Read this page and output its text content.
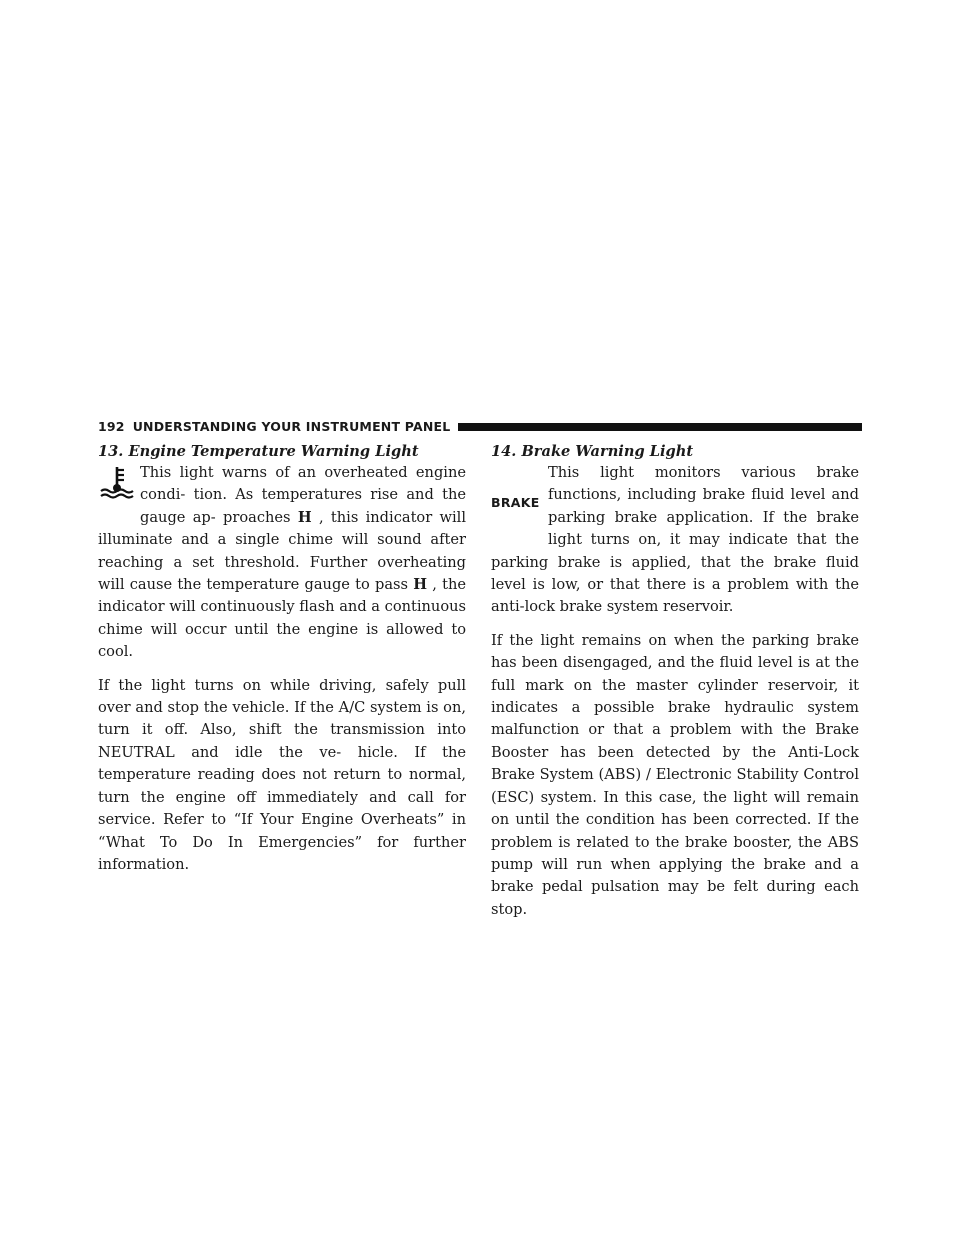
192 UNDERSTANDING YOUR INSTRUMENT PANEL

13. Engine Temperature Warning Light

This light warns of an overheated engine condi- tion. As temperatures rise and the gauge ap- proaches H , this indicator will illuminate and a single chime will sound after reaching a set threshold. Further overheating will cause the temperature gauge to pass H , the indicator will continuously flash and a continuous chime will occur until the engine is allowed to cool.

If the light turns on while driving, safely pull over and stop the vehicle. If the A/C system is on, turn it off. Also, shift the transmission into NEUTRAL and idle the ve- hicle. If the temperature reading does not return to normal, turn the engine off immediately and call for service. Refer to “If Your Engine Overheats” in “What To Do In Emergencies” for further information.

14. Brake Warning Light

BRAKE

This light monitors various brake functions, including brake fluid level and parking brake application. If the brake light turns on, it may indicate that the parking brake is applied, that the brake fluid level is low, or that there is a problem with the anti-lock brake system reservoir.

If the light remains on when the parking brake has been disengaged, and the fluid level is at the full mark on the master cylinder reservoir, it indicates a possible brake hydraulic system malfunction or that a problem with the Brake Booster has been detected by the Anti-Lock Brake System (ABS) / Electronic Stability Control (ESC) system. In this case, the light will remain on until the condition has been corrected. If the problem is related to the brake booster, the ABS pump will run when applying the brake and a brake pedal pulsation may be felt during each stop.
